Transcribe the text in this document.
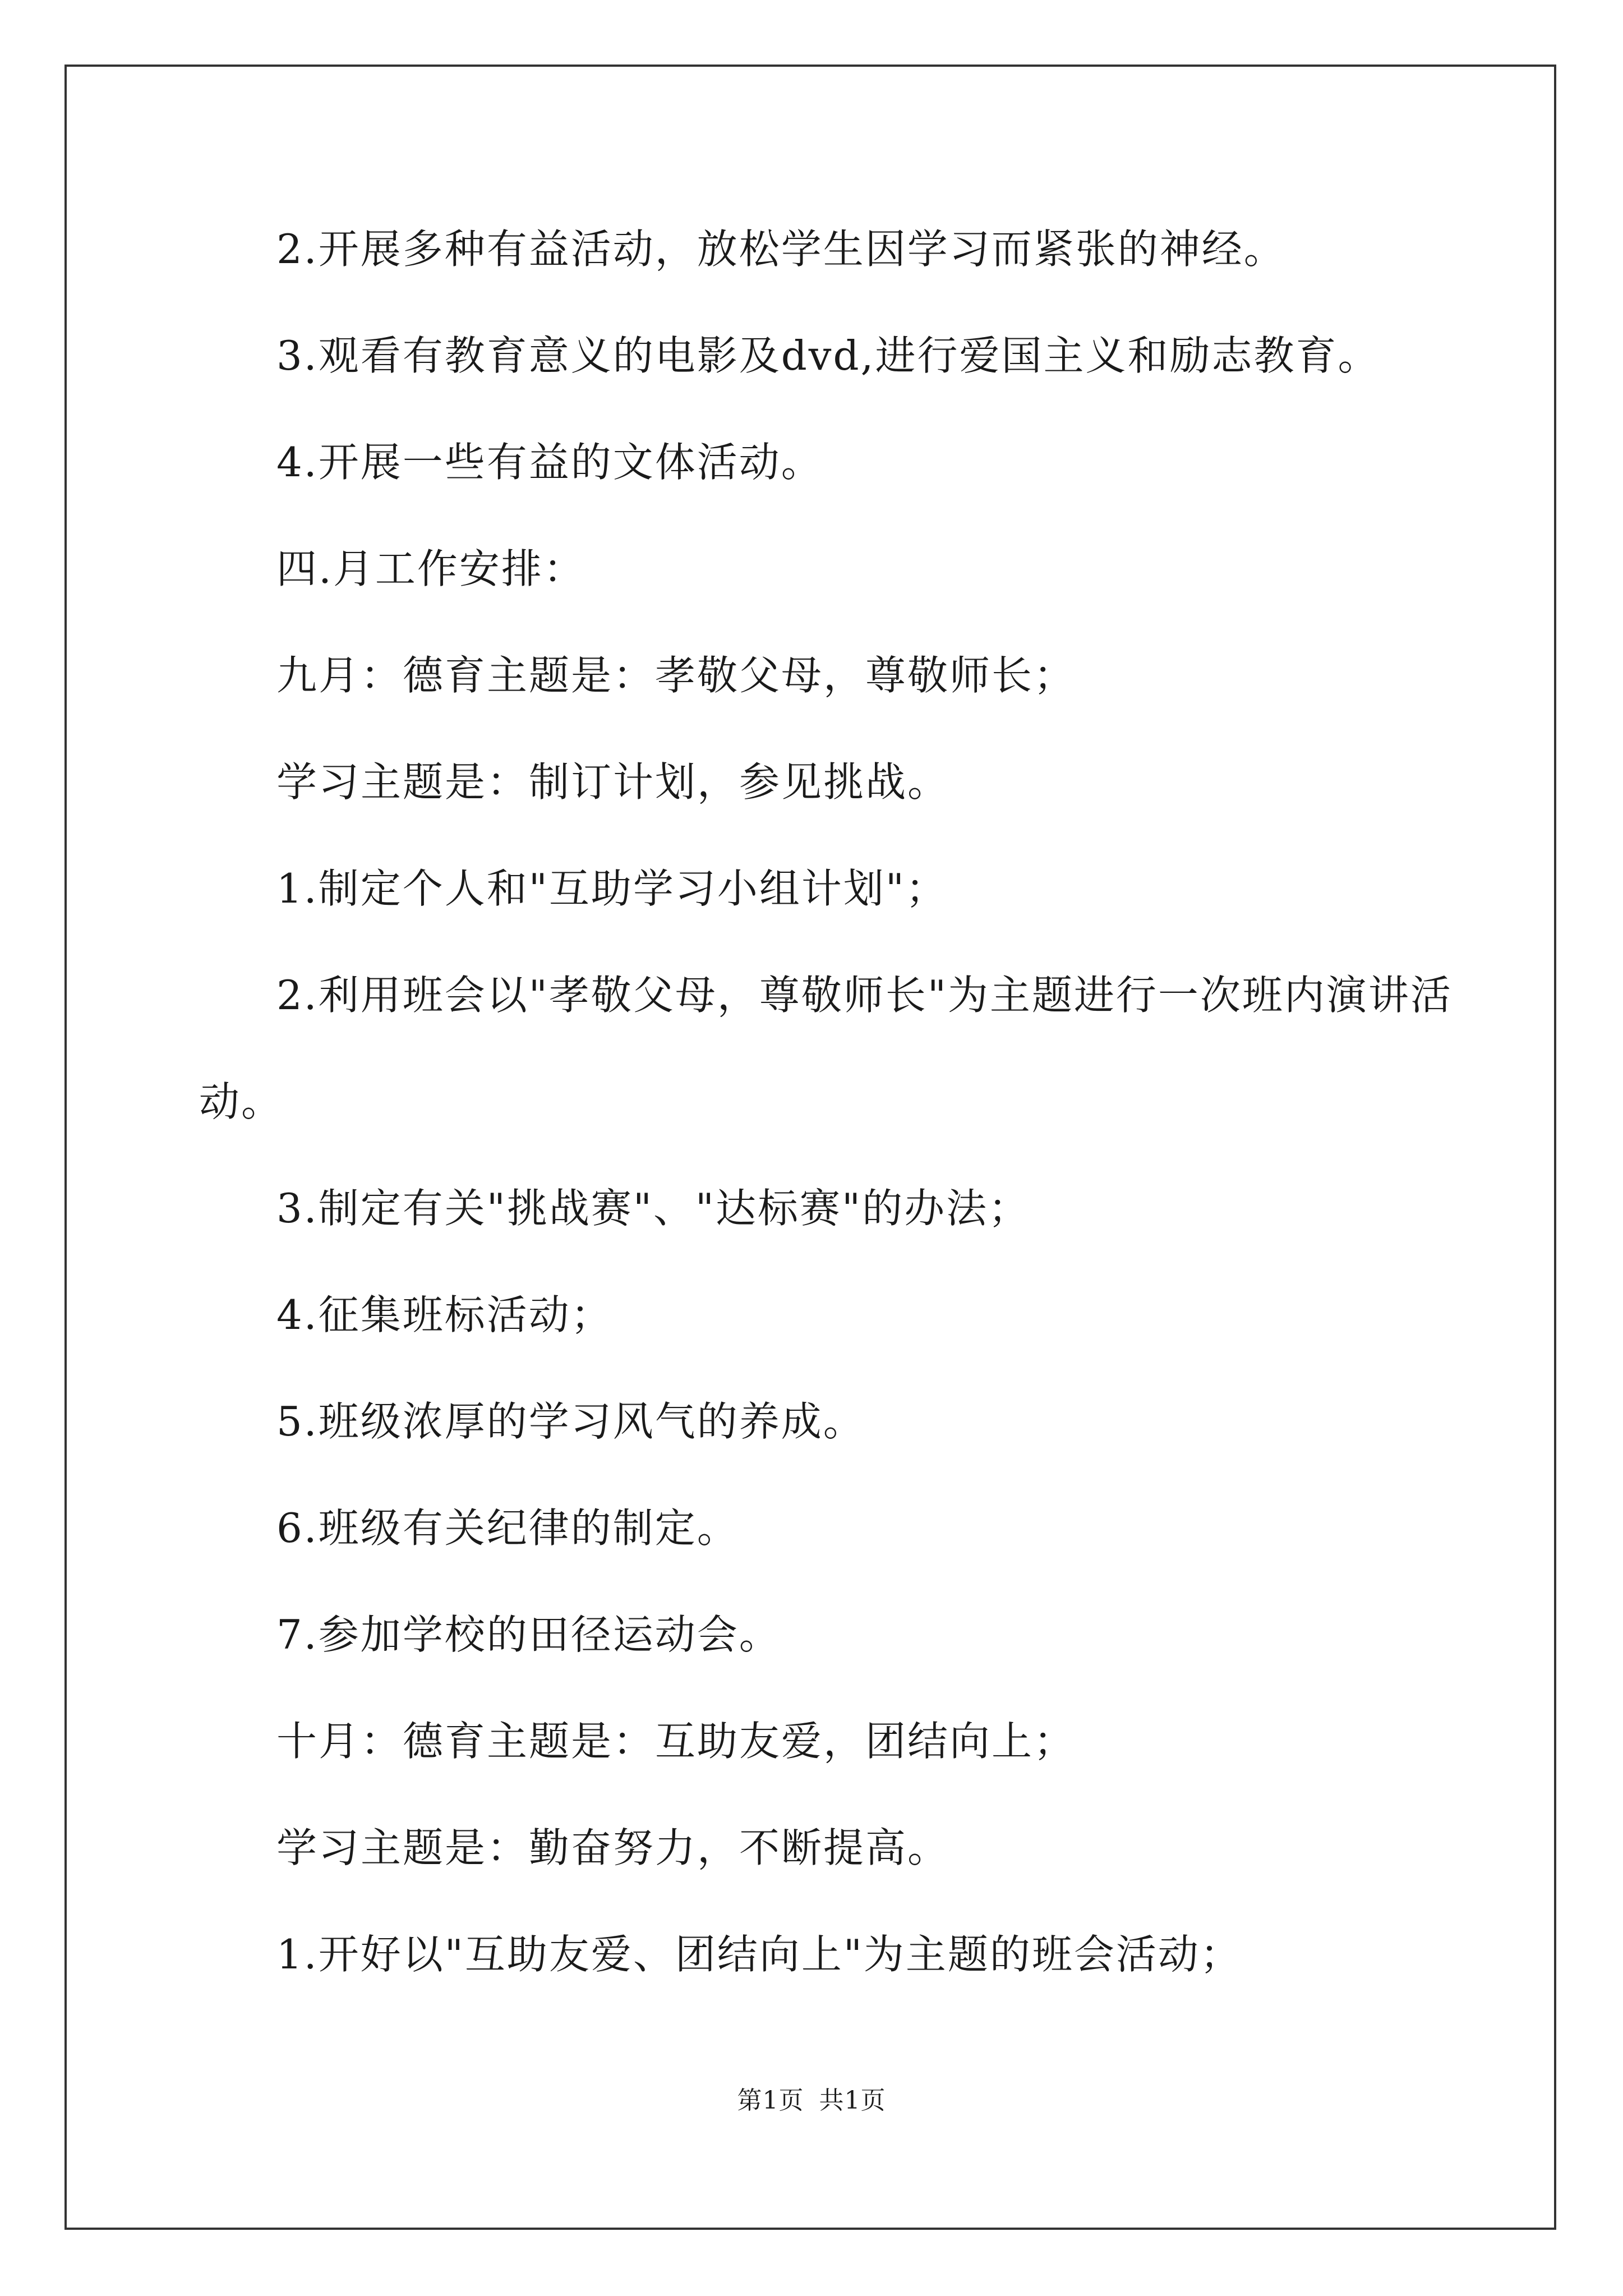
2.开展多种有益活动，放松学生因学习而紧张的神经。
3.观看有教育意义的电影及dvd,进行爱国主义和励志教育。
4.开展一些有益的文体活动。
四.月工作安排：
九月：德育主题是：孝敬父母，尊敬师长；
学习主题是：制订计划，参见挑战。
1.制定个人和"互助学习小组计划"；
2.利用班会以"孝敬父母，尊敬师长"为主题进行一次班内演讲活
动。
3.制定有关"挑战赛"、"达标赛"的办法；
4.征集班标活动；
5.班级浓厚的学习风气的养成。
6.班级有关纪律的制定。
7.参加学校的田径运动会。
十月：德育主题是：互助友爱，团结向上；
学习主题是：勤奋努力，不断提高。
1.开好以"互助友爱、团结向上"为主题的班会活动；
第1页 共1页
